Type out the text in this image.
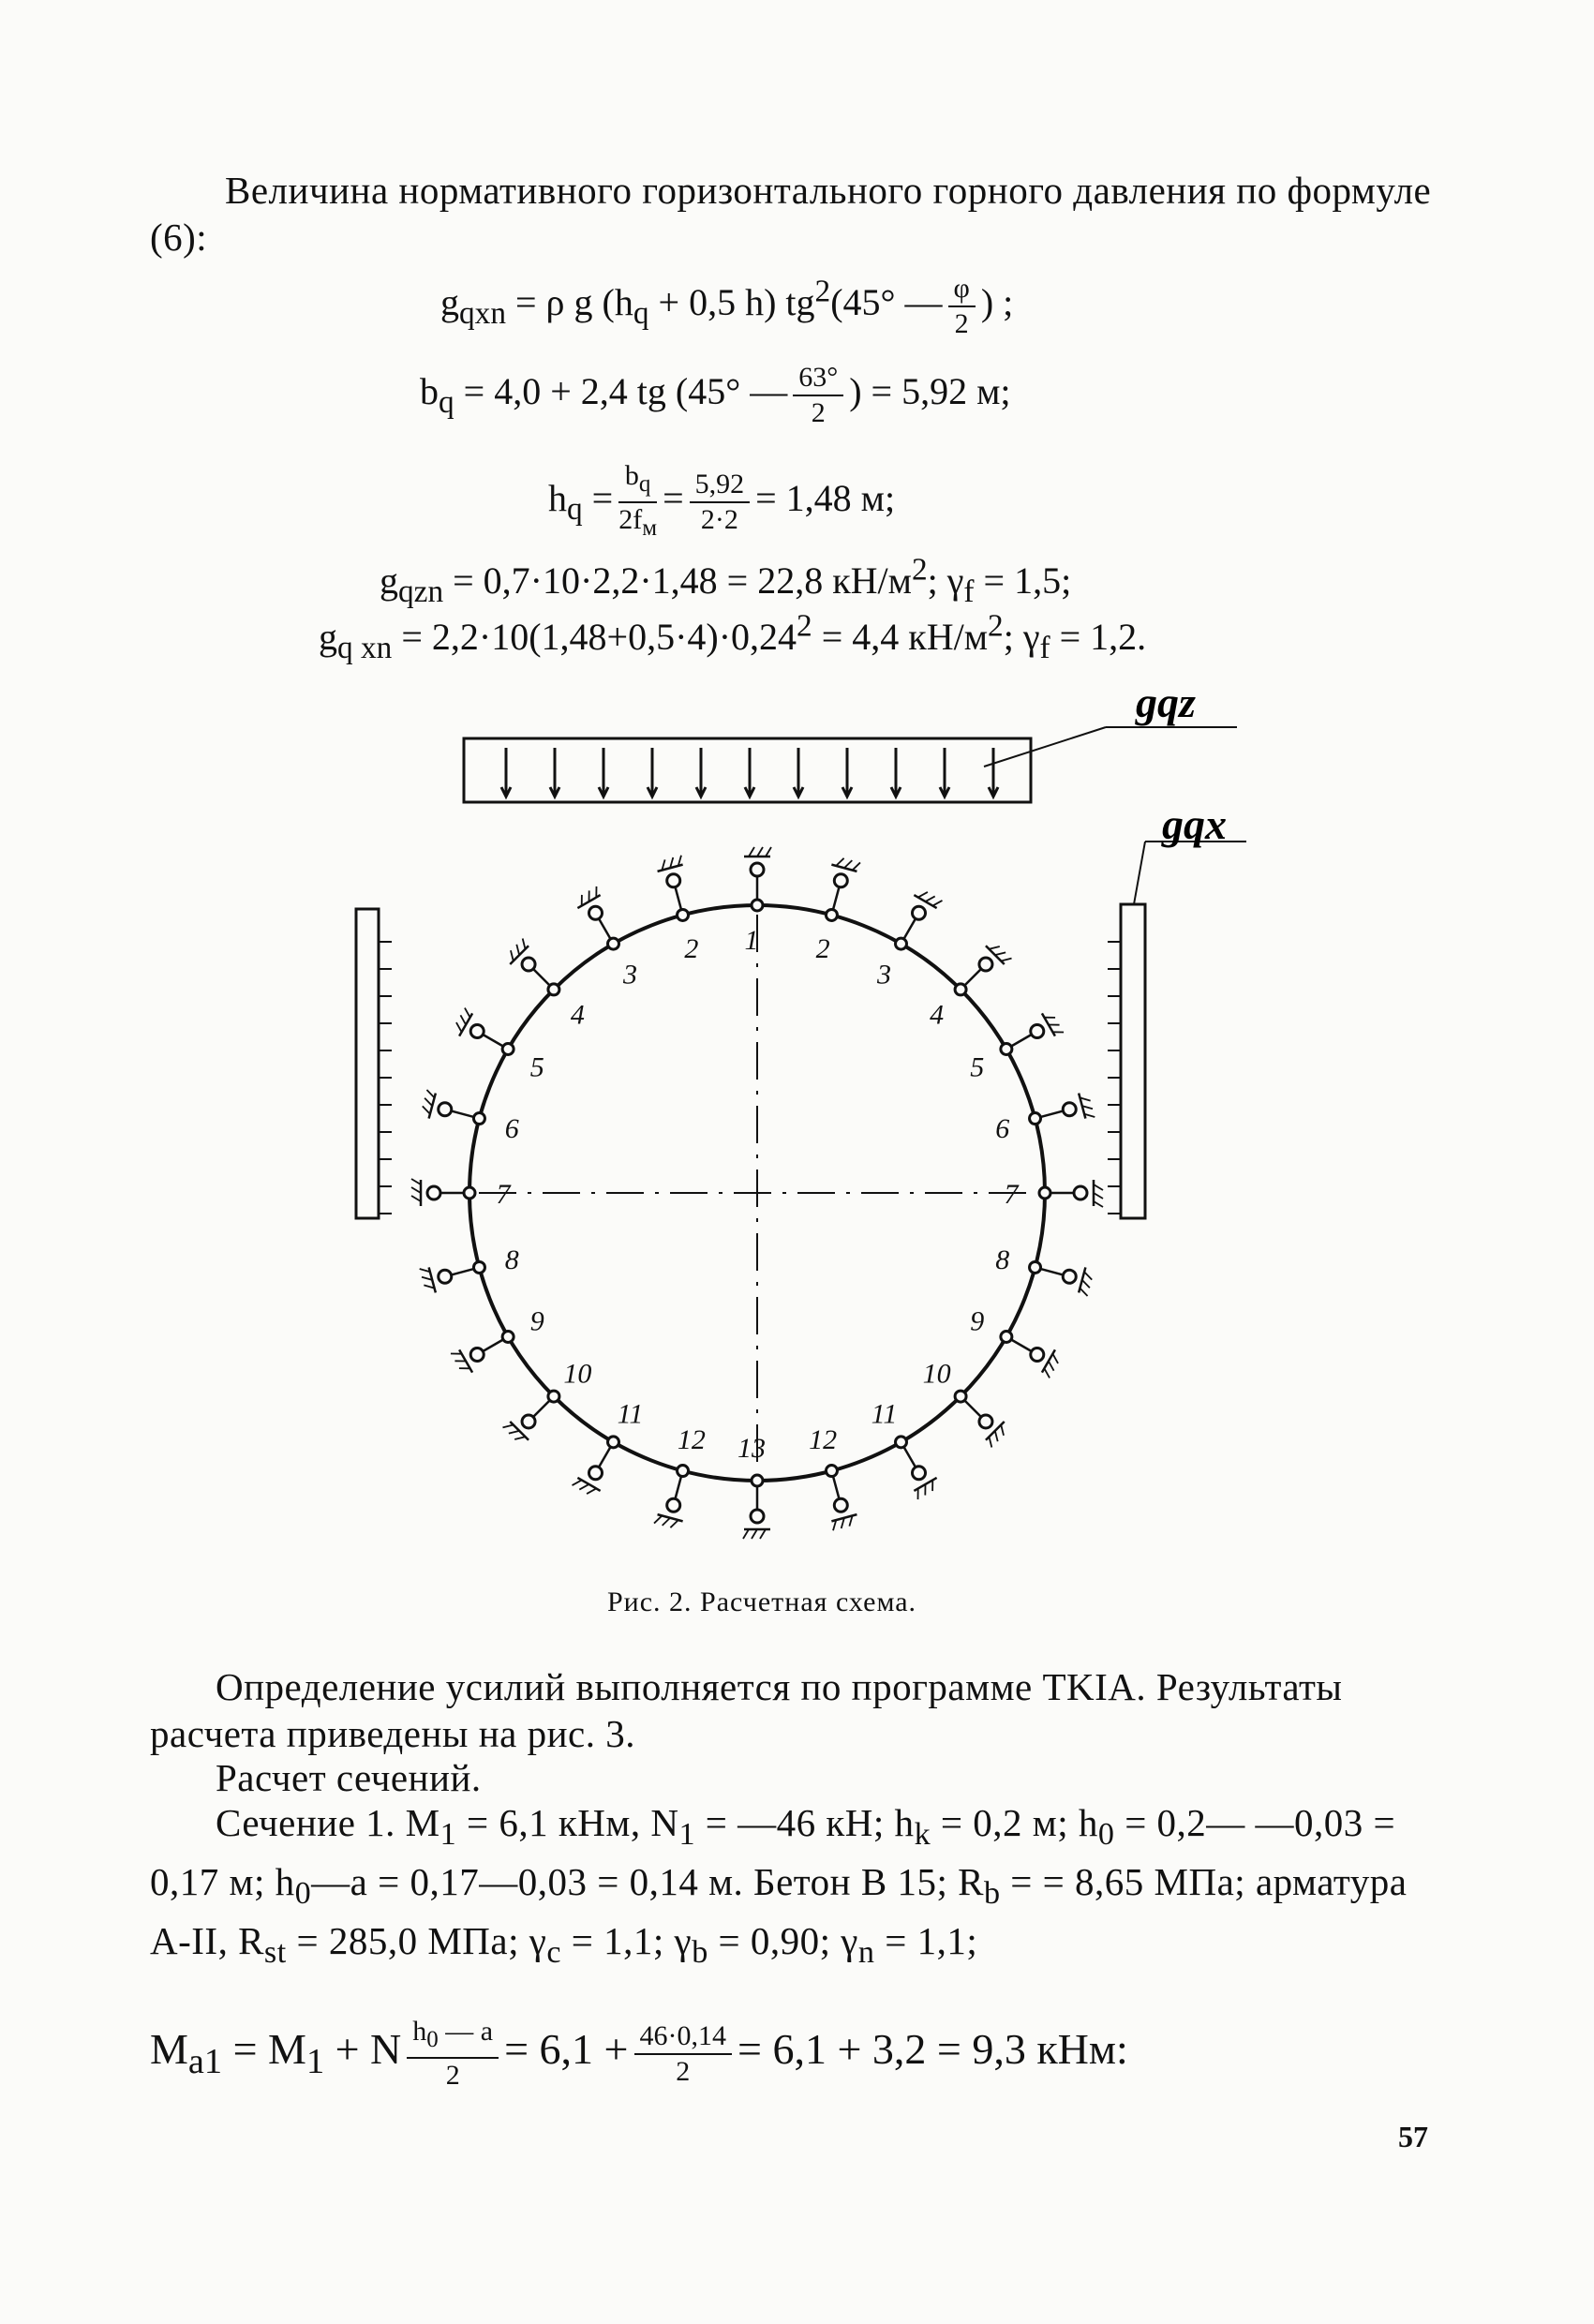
Величина нормативного горизонтального горного давления по формуле (6):
$g_{qxn} = \rho$ g ($h_q + 0,5$ h) $tg^2(45^\circ$ — $\frac{\varphi}{2}$ ) ;
$b_q = 4,0 + 2,4$ tg (45° — $\frac{63^\circ}{2}$ ) = 5,92 м;
$h_q = \frac{b_q}{2f_м} = \frac{5,92}{2\cdot 2} = 1,48$ м;
$g_{qzn} = 0,7\cdot 10\cdot 2,2\cdot 1,48 = 22,8$ $кН/м^2$; $\gamma_f = 1,5$;
$g_{q xn} = 2,2\cdot 10(1,48+0,5\cdot 4)\cdot 0,24^2 = 4,4$ $кН/м^2$; $\gamma_f = 1,2$.
gqz
gqx
1 2
3
4
5
6
7
8
9
10
11
12
13
12
11
10
9
8
7
6
5
4
3
2
Рис. 2. Расчетная схема.
Определение усилий выполняется по программе TKIA. Результаты расчета приведены на рис. 3.
Расчет сечений.
Сечение 1. $M_1 = 6,1$ кНм, $N_1$ = —46 кН; $h_k = 0,2$ м; $h_0$ = 0,2— —0,03 = 0,17 м; $h_0—a$ = 0,17—0,03 = 0,14 м. Бетон В 15; $R_b$ = = 8,65 МПа; арматура А-II, $R_{st} = 285,0$ МПа; $\gamma_c = 1,1$; $\gamma_b = 0,90$; $\gamma_n = 1,1$;
$M_{a1} = M_1 + N \frac{h_0 — a}{2} = 6,1 + \frac{46\cdot 0,14}{2} = 6,1 + 3,2 = 9,3$ кНм:
57
